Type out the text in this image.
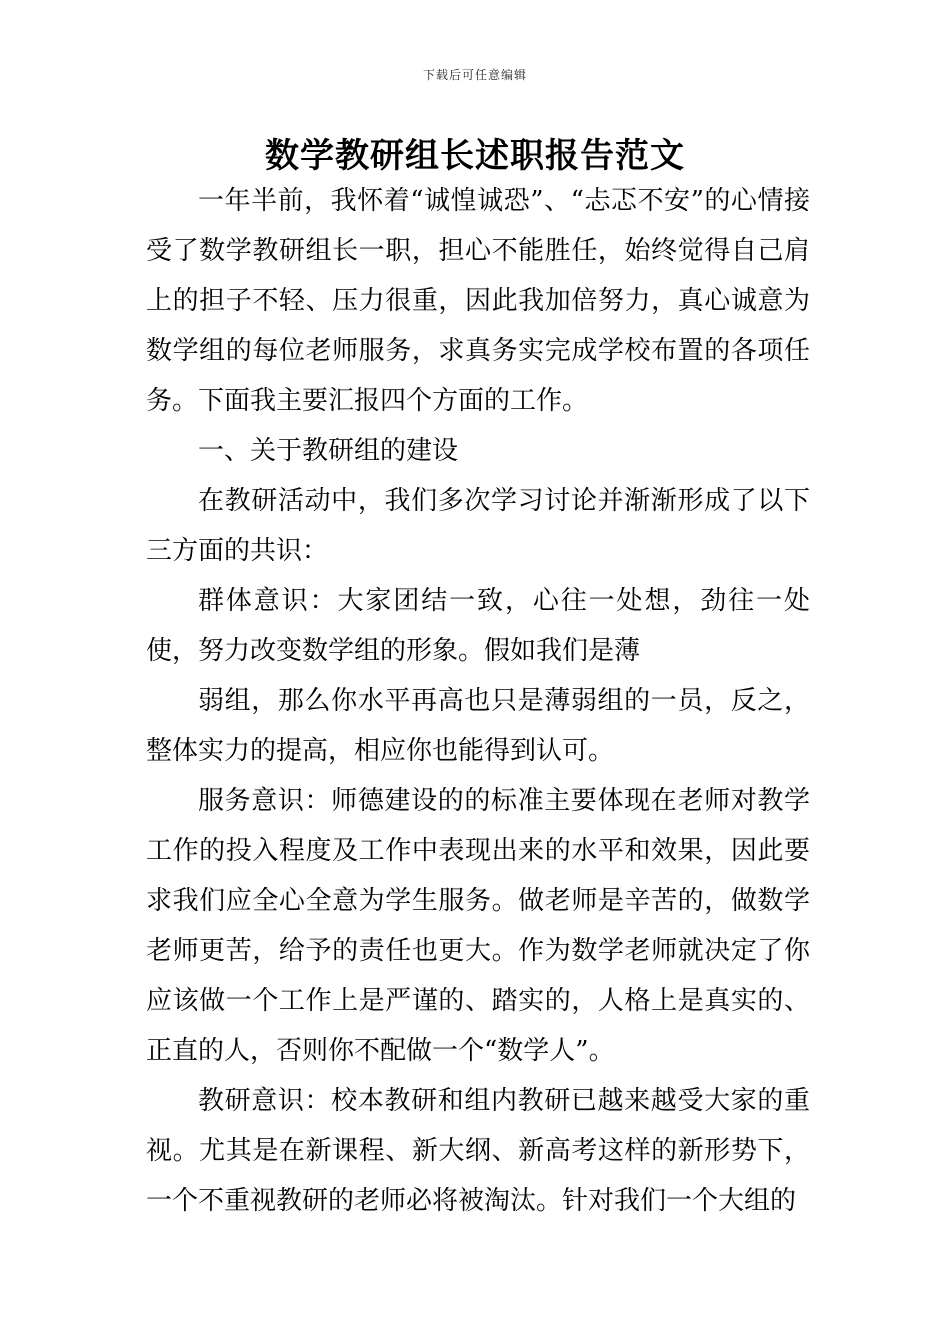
下载后可任意编辑
数学教研组长述职报告范文

一年半前，我怀着“诚惶诚恐”、“忐忑不安”的心情接受了数学教研组长一职，担心不能胜任，始终觉得自己肩上的担子不轻、压力很重，因此我加倍努力，真心诚意为数学组的每位老师服务，求真务实完成学校布置的各项任务。下面我主要汇报四个方面的工作。

一、关于教研组的建设

在教研活动中，我们多次学习讨论并渐渐形成了以下三方面的共识：

群体意识：大家团结一致，心往一处想，劲往一处使，努力改变数学组的形象。假如我们是薄

弱组，那么你水平再高也只是薄弱组的一员，反之，整体实力的提高，相应你也能得到认可。

服务意识：师德建设的的标准主要体现在老师对教学工作的投入程度及工作中表现出来的水平和效果，因此要求我们应全心全意为学生服务。做老师是辛苦的，做数学老师更苦，给予的责任也更大。作为数学老师就决定了你应该做一个工作上是严谨的、踏实的，人格上是真实的、正直的人，否则你不配做一个“数学人”。

教研意识：校本教研和组内教研已越来越受大家的重视。尤其是在新课程、新大纲、新高考这样的新形势下，一个不重视教研的老师必将被淘汰。针对我们一个大组的
